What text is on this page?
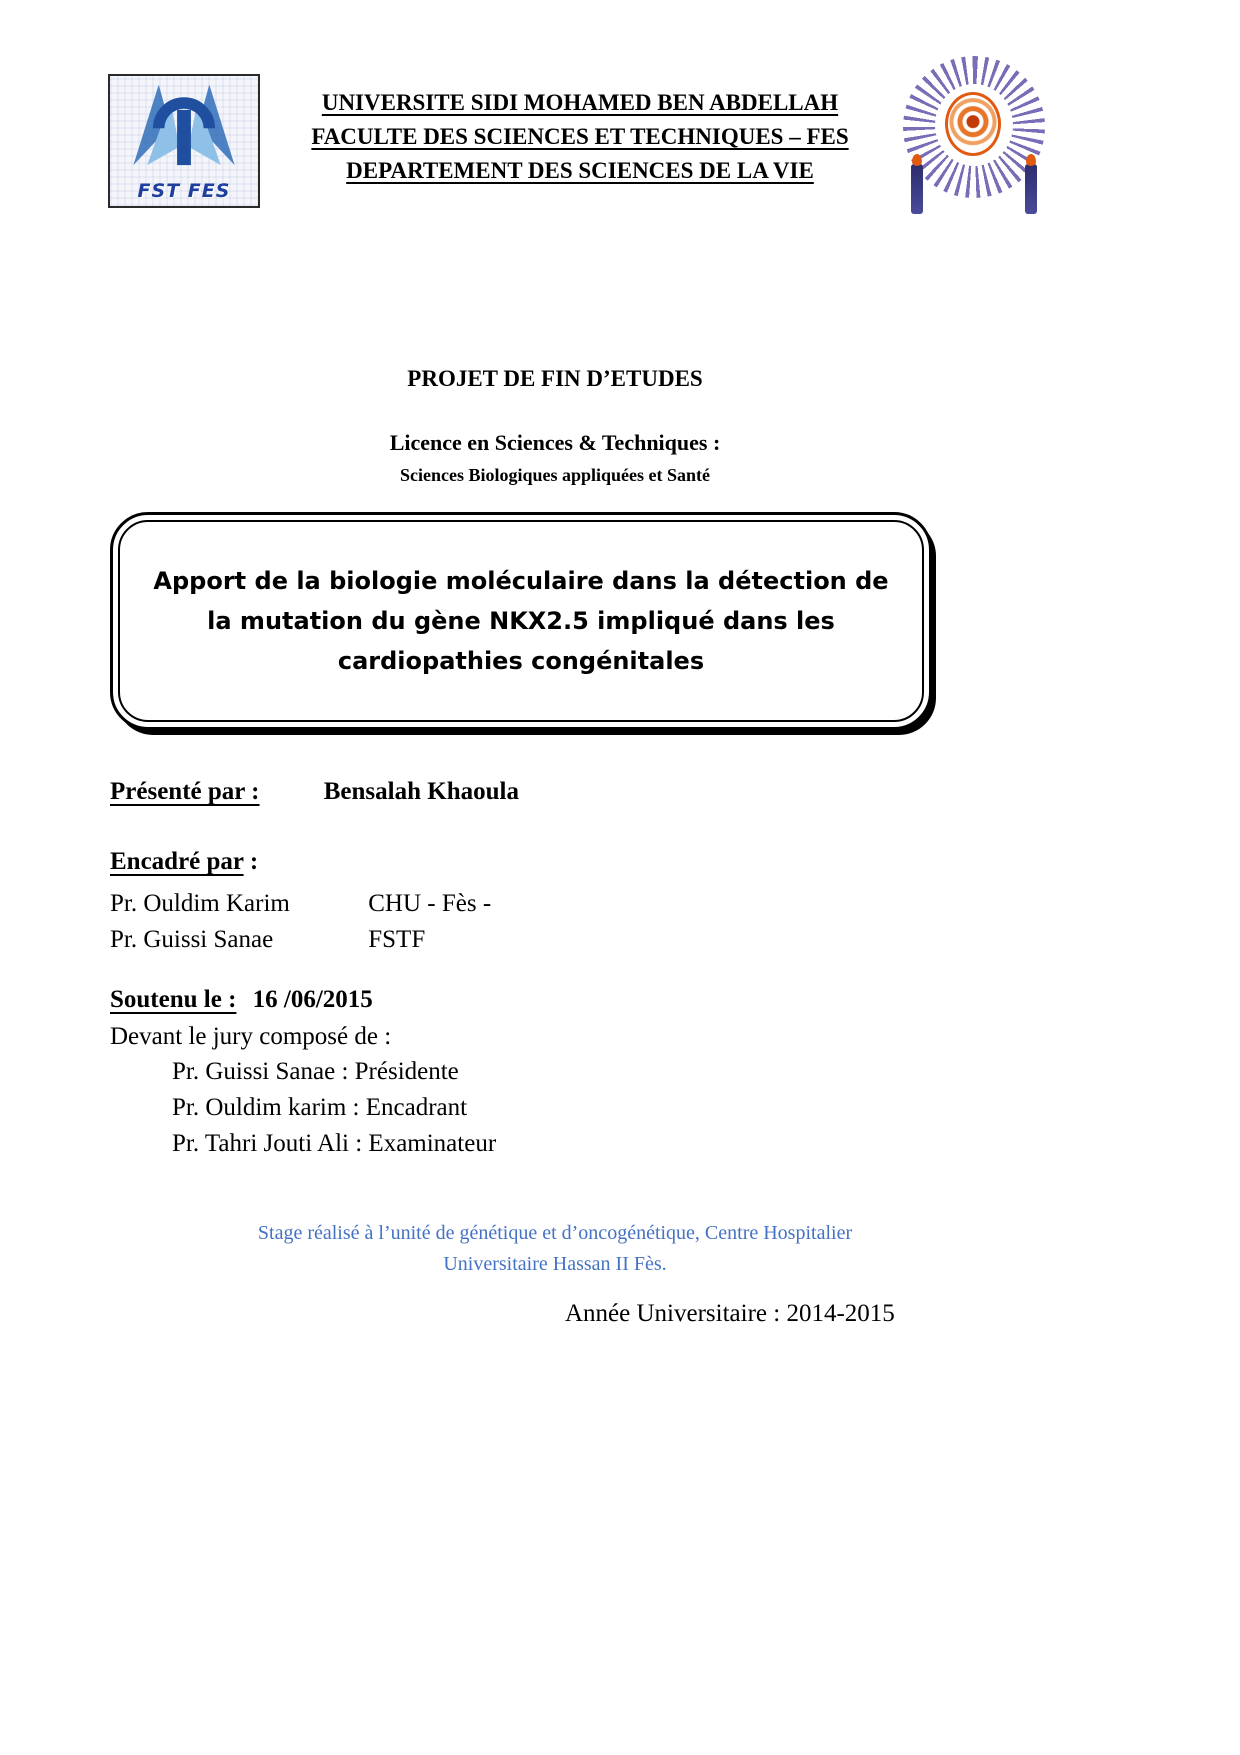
FST FES
UNIVERSITE SIDI MOHAMED BEN ABDELLAH
FACULTE DES SCIENCES ET TECHNIQUES – FES
DEPARTEMENT DES SCIENCES DE LA VIE
PROJET DE FIN D’ETUDES
Licence en Sciences & Techniques :
Sciences Biologiques appliquées et Santé
Apport de la biologie moléculaire dans la détection de
la mutation du gène NKX2.5 impliqué dans les
cardiopathies congénitales
Présenté par :	Bensalah Khaoula
Encadré par :
Pr. Ouldim Karim	CHU - Fès -
Pr. Guissi Sanae	FSTF
Soutenu le : 16 /06/2015
Devant le jury composé de :
Pr. Guissi Sanae : Présidente
Pr. Ouldim karim : Encadrant
Pr. Tahri Jouti Ali : Examinateur
Stage réalisé à l’unité de génétique et d’oncogénétique, Centre Hospitalier
Universitaire Hassan II Fès.
Année Universitaire : 2014-2015
